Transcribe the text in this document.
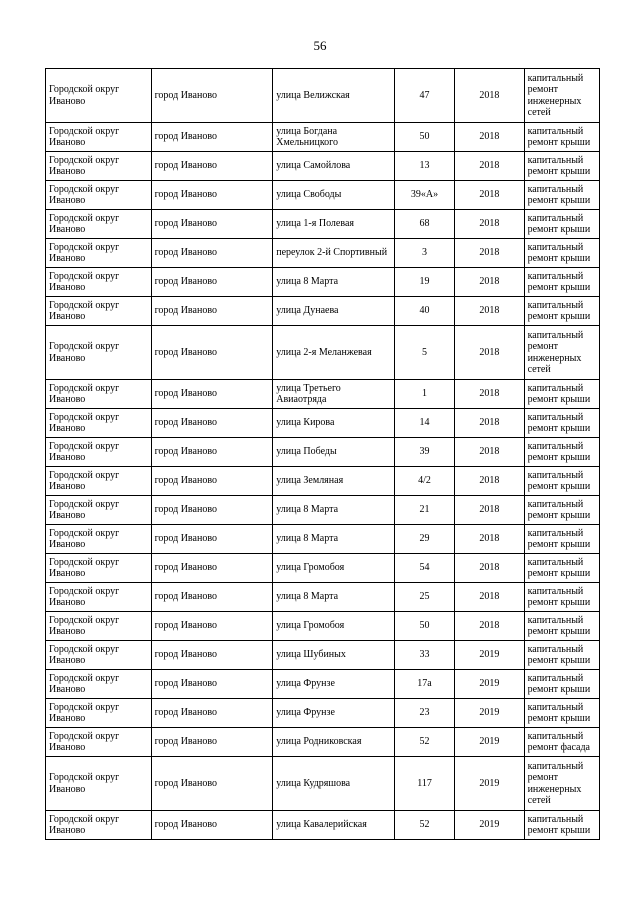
56
Городской округ Иваново	город Иваново	улица Велижская	47	2018	капитальный ремонт инженерных сетей
Городской округ Иваново	город Иваново	улица Богдана Хмельницкого	50	2018	капитальный ремонт крыши
Городской округ Иваново	город Иваново	улица Самойлова	13	2018	капитальный ремонт крыши
Городской округ Иваново	город Иваново	улица Свободы	39«А»	2018	капитальный ремонт крыши
Городской округ Иваново	город Иваново	улица 1-я Полевая	68	2018	капитальный ремонт крыши
Городской округ Иваново	город Иваново	переулок 2-й Спортивный	3	2018	капитальный ремонт крыши
Городской округ Иваново	город Иваново	улица 8 Марта	19	2018	капитальный ремонт крыши
Городской округ Иваново	город Иваново	улица Дунаева	40	2018	капитальный ремонт крыши
Городской округ Иваново	город Иваново	улица 2-я Меланжевая	5	2018	капитальный ремонт инженерных сетей
Городской округ Иваново	город Иваново	улица Третьего Авиаотряда	1	2018	капитальный ремонт крыши
Городской округ Иваново	город Иваново	улица Кирова	14	2018	капитальный ремонт крыши
Городской округ Иваново	город Иваново	улица Победы	39	2018	капитальный ремонт крыши
Городской округ Иваново	город Иваново	улица Земляная	4/2	2018	капитальный ремонт крыши
Городской округ Иваново	город Иваново	улица 8 Марта	21	2018	капитальный ремонт крыши
Городской округ Иваново	город Иваново	улица 8 Марта	29	2018	капитальный ремонт крыши
Городской округ Иваново	город Иваново	улица Громобоя	54	2018	капитальный ремонт крыши
Городской округ Иваново	город Иваново	улица 8 Марта	25	2018	капитальный ремонт крыши
Городской округ Иваново	город Иваново	улица Громобоя	50	2018	капитальный ремонт крыши
Городской округ Иваново	город Иваново	улица Шубиных	33	2019	капитальный ремонт крыши
Городской округ Иваново	город Иваново	улица Фрунзе	17а	2019	капитальный ремонт крыши
Городской округ Иваново	город Иваново	улица Фрунзе	23	2019	капитальный ремонт крыши
Городской округ Иваново	город Иваново	улица Родниковская	52	2019	капитальный ремонт фасада
Городской округ Иваново	город Иваново	улица Кудряшова	117	2019	капитальный ремонт инженерных сетей
Городской округ Иваново	город Иваново	улица Кавалерийская	52	2019	капитальный ремонт крыши
